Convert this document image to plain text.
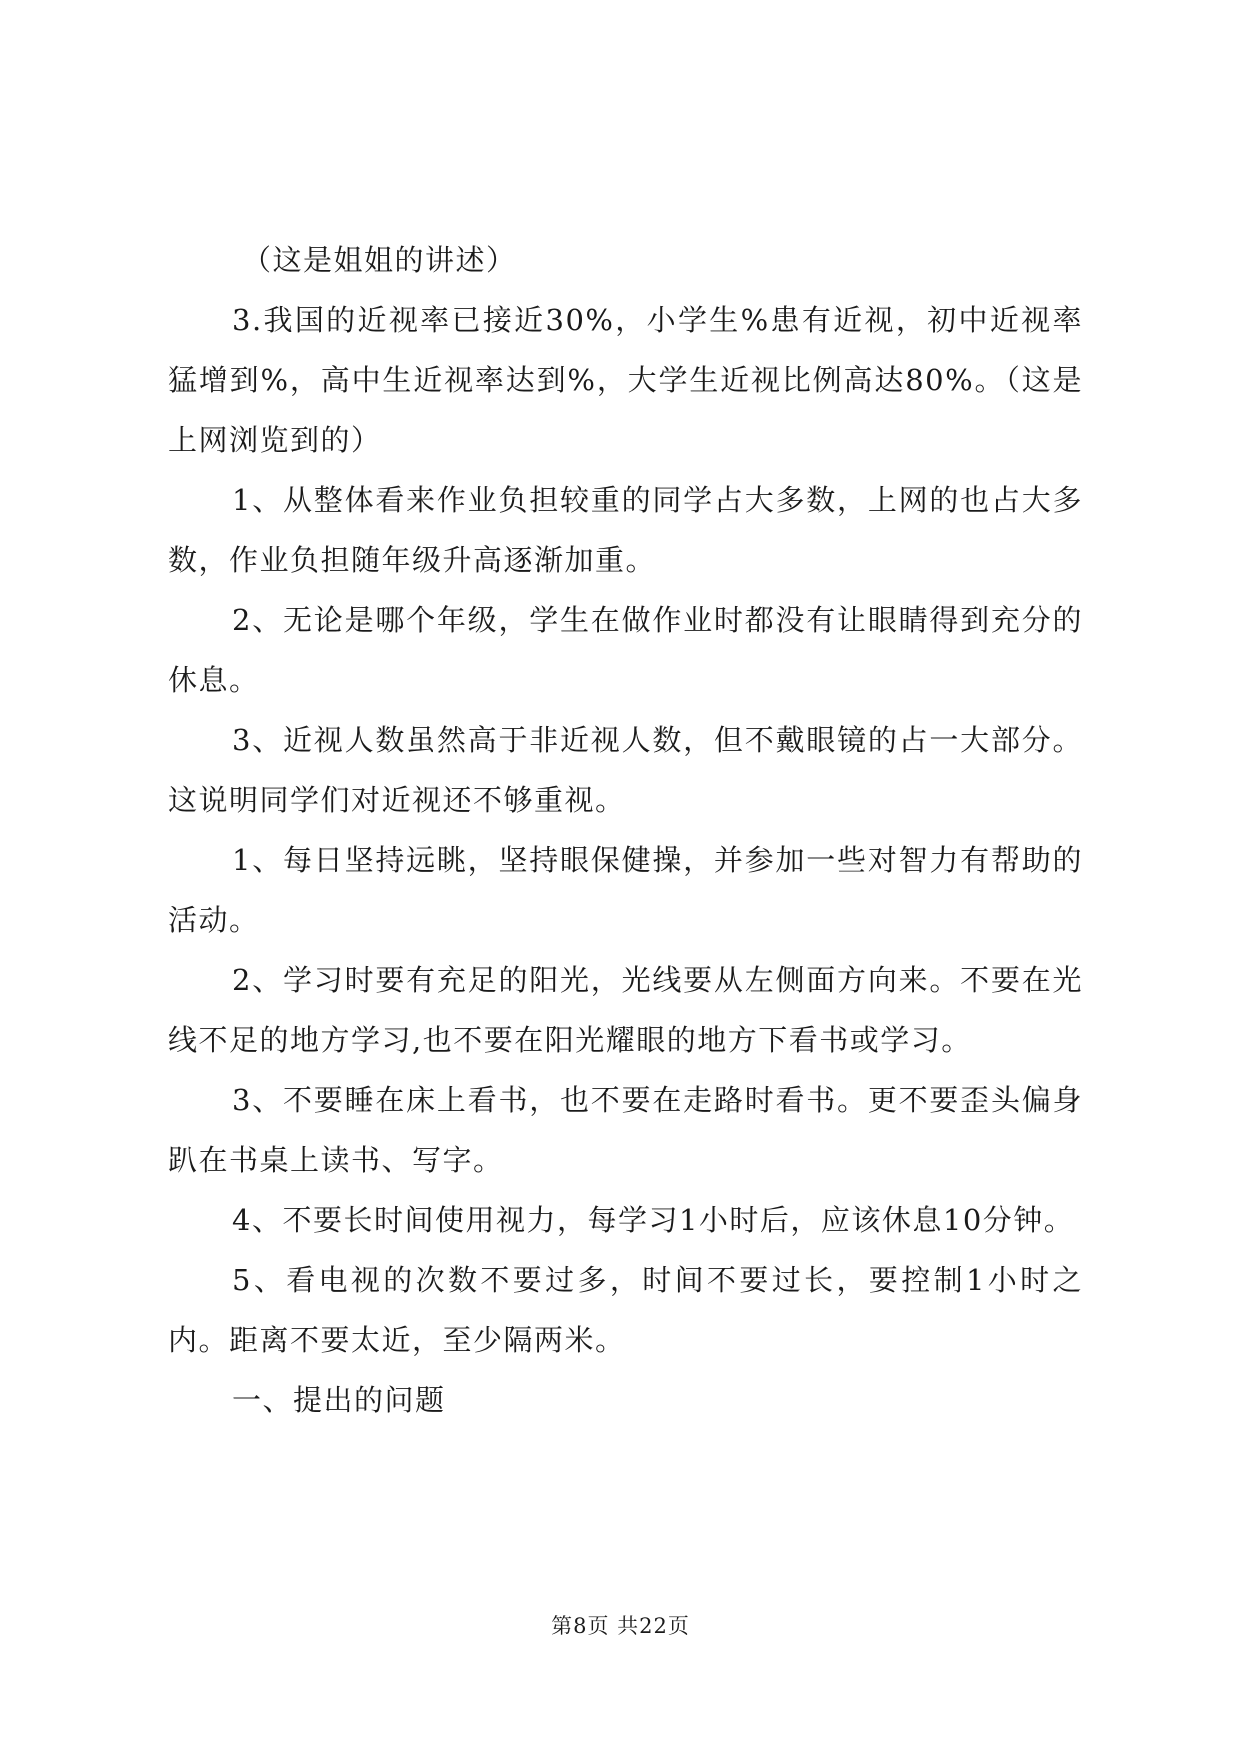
（这是姐姐的讲述）

3.我国的近视率已接近30%，小学生%患有近视，初中近视率猛增到%，高中生近视率达到%，大学生近视比例高达80%。（这是上网浏览到的）

1、从整体看来作业负担较重的同学占大多数，上网的也占大多数，作业负担随年级升高逐渐加重。

2、无论是哪个年级，学生在做作业时都没有让眼睛得到充分的休息。

3、近视人数虽然高于非近视人数，但不戴眼镜的占一大部分。这说明同学们对近视还不够重视。

1、每日坚持远眺，坚持眼保健操，并参加一些对智力有帮助的活动。

2、学习时要有充足的阳光，光线要从左侧面方向来。不要在光线不足的地方学习,也不要在阳光耀眼的地方下看书或学习。

3、不要睡在床上看书，也不要在走路时看书。更不要歪头偏身趴在书桌上读书、写字。

4、不要长时间使用视力，每学习1小时后，应该休息10分钟。

5、看电视的次数不要过多，时间不要过长，要控制1小时之内。距离不要太近，至少隔两米。

一、提出的问题

第8页 共22页
